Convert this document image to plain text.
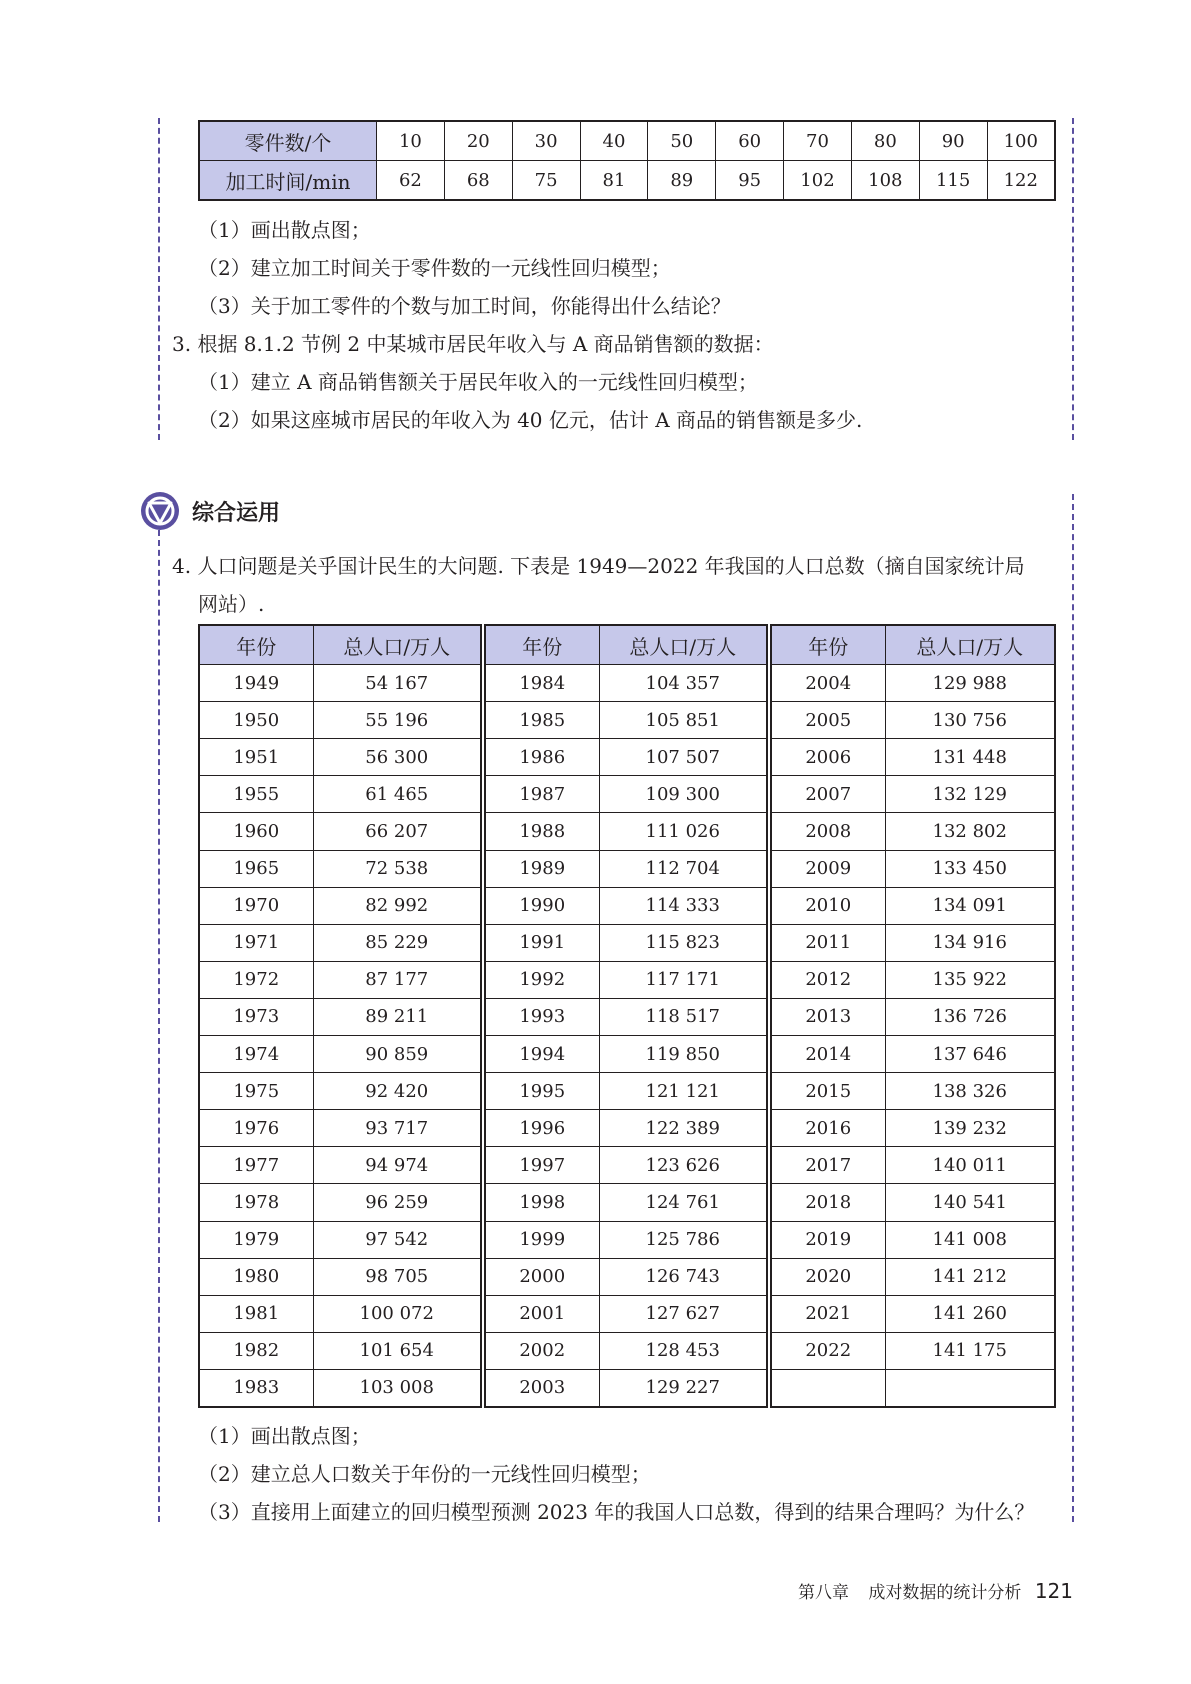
零件数/个	10	20	30	40	50	60	70	80	90	100
加工时间/min	62	68	75	81	89	95	102	108	115	122
（1）画出散点图；
（2）建立加工时间关于零件数的一元线性回归模型；
（3）关于加工零件的个数与加工时间，你能得出什么结论？
3. 根据 8.1.2 节例 2 中某城市居民年收入与 A 商品销售额的数据：
（1）建立 A 商品销售额关于居民年收入的一元线性回归模型；
（2）如果这座城市居民的年收入为 40 亿元，估计 A 商品的销售额是多少.
综合运用
4. 人口问题是关乎国计民生的大问题. 下表是 1949—2022 年我国的人口总数（摘自国家统计局
网站）.
年份	总人口/万人
1949	54 167
1950	55 196
1951	56 300
1955	61 465
1960	66 207
1965	72 538
1970	82 992
1971	85 229
1972	87 177
1973	89 211
1974	90 859
1975	92 420
1976	93 717
1977	94 974
1978	96 259
1979	97 542
1980	98 705
1981	100 072
1982	101 654
1983	103 008
年份	总人口/万人
1984	104 357
1985	105 851
1986	107 507
1987	109 300
1988	111 026
1989	112 704
1990	114 333
1991	115 823
1992	117 171
1993	118 517
1994	119 850
1995	121 121
1996	122 389
1997	123 626
1998	124 761
1999	125 786
2000	126 743
2001	127 627
2002	128 453
2003	129 227
年份	总人口/万人
2004	129 988
2005	130 756
2006	131 448
2007	132 129
2008	132 802
2009	133 450
2010	134 091
2011	134 916
2012	135 922
2013	136 726
2014	137 646
2015	138 326
2016	139 232
2017	140 011
2018	140 541
2019	141 008
2020	141 212
2021	141 260
2022	141 175

（1）画出散点图；
（2）建立总人口数关于年份的一元线性回归模型；
（3）直接用上面建立的回归模型预测 2023 年的我国人口总数，得到的结果合理吗？为什么？
第八章 成对数据的统计分析 121
